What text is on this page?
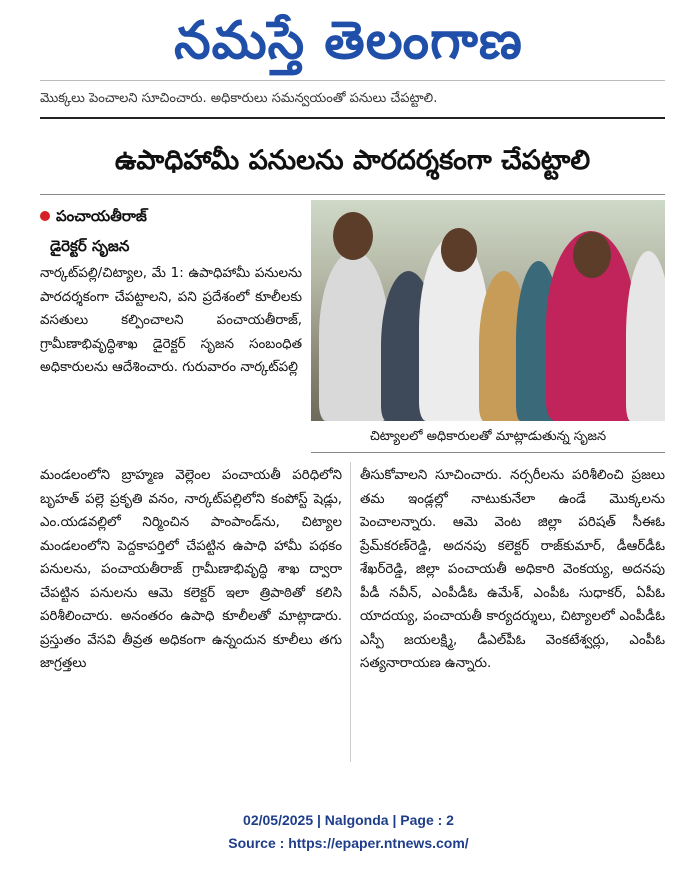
నమస్తే తెలంగాణ
మొక్కలు పెంచాలని సూచించారు. అధికారులు సమన్వయంతో పనులు చేపట్టాలి.
ఉపాధిహామీ పనులను పారదర్శకంగా చేపట్టాలి
పంచాయతీరాజ్
డైరెక్టర్ సృజన

నార్కట్‌పల్లి/చిట్యాల, మే 1: ఉపాధిహామీ పనులను పారదర్శకంగా చేపట్టాలని, పని ప్రదేశంలో కూలీలకు వసతులు కల్పించాలని పంచాయతీరాజ్, గ్రామీణాభివృద్ధిశాఖ డైరెక్టర్ సృజన సంబంధిత అధికారులను ఆదేశించారు. గురువారం నార్కట్‌పల్లి

చిట్యాలలో అధికారులతో మాట్లాడుతున్న సృజన

మండలంలోని బ్రాహ్మణ వెల్లెంల పంచాయతీ పరిధిలోని బృహత్ పల్లె ప్రకృతి వనం, నార్కట్‌పల్లిలోని కంపోస్ట్ షెడ్లు, ఎం.యడవల్లిలో నిర్మించిన పాంపాండ్‌ను, చిట్యాల మండలంలోని పెద్దకాపర్తిలో చేపట్టిన ఉపాధి హామీ పథకం పనులను, పంచాయతీరాజ్ గ్రామీణాభివృద్ధి శాఖ ద్వారా చేపట్టిన పనులను ఆమె కలెక్టర్ ఇలా త్రిపాఠితో కలిసి పరిశీలించారు. అనంతరం ఉపాధి కూలీలతో మాట్లాడారు. ప్రస్తుతం వేసవి తీవ్రత అధికంగా ఉన్నందున కూలీలు తగు జాగ్రత్తలు

తీసుకోవాలని సూచించారు. నర్సరీలను పరిశీలించి ప్రజలు తమ ఇండ్లల్లో నాటుకునేలా ఉండే మొక్కలను పెంచాలన్నారు. ఆమె వెంట జిల్లా పరిషత్ సీఈఓ ప్రేమ్‌కరణ్‌రెడ్డి, అదనపు కలెక్టర్ రాజ్‌కుమార్, డీఆర్‌డీఓ శేఖర్‌రెడ్డి, జిల్లా పంచాయతీ అధికారి వెంకయ్య, అదనపు పీడీ నవీన్, ఎంపీడీఓ ఉమేశ్, ఎంపీఓ సుధాకర్, ఏపీఓ యాదయ్య, పంచాయతీ కార్యదర్శులు, చిట్యాలలో ఎంపీడీఓ ఎస్పీ జయలక్ష్మి, డీఎల్‌పీఓ వెంకటేశ్వర్లు, ఎంపీఓ సత్యనారాయణ ఉన్నారు.

02/05/2025 | Nalgonda | Page : 2
Source : https://epaper.ntnews.com/
